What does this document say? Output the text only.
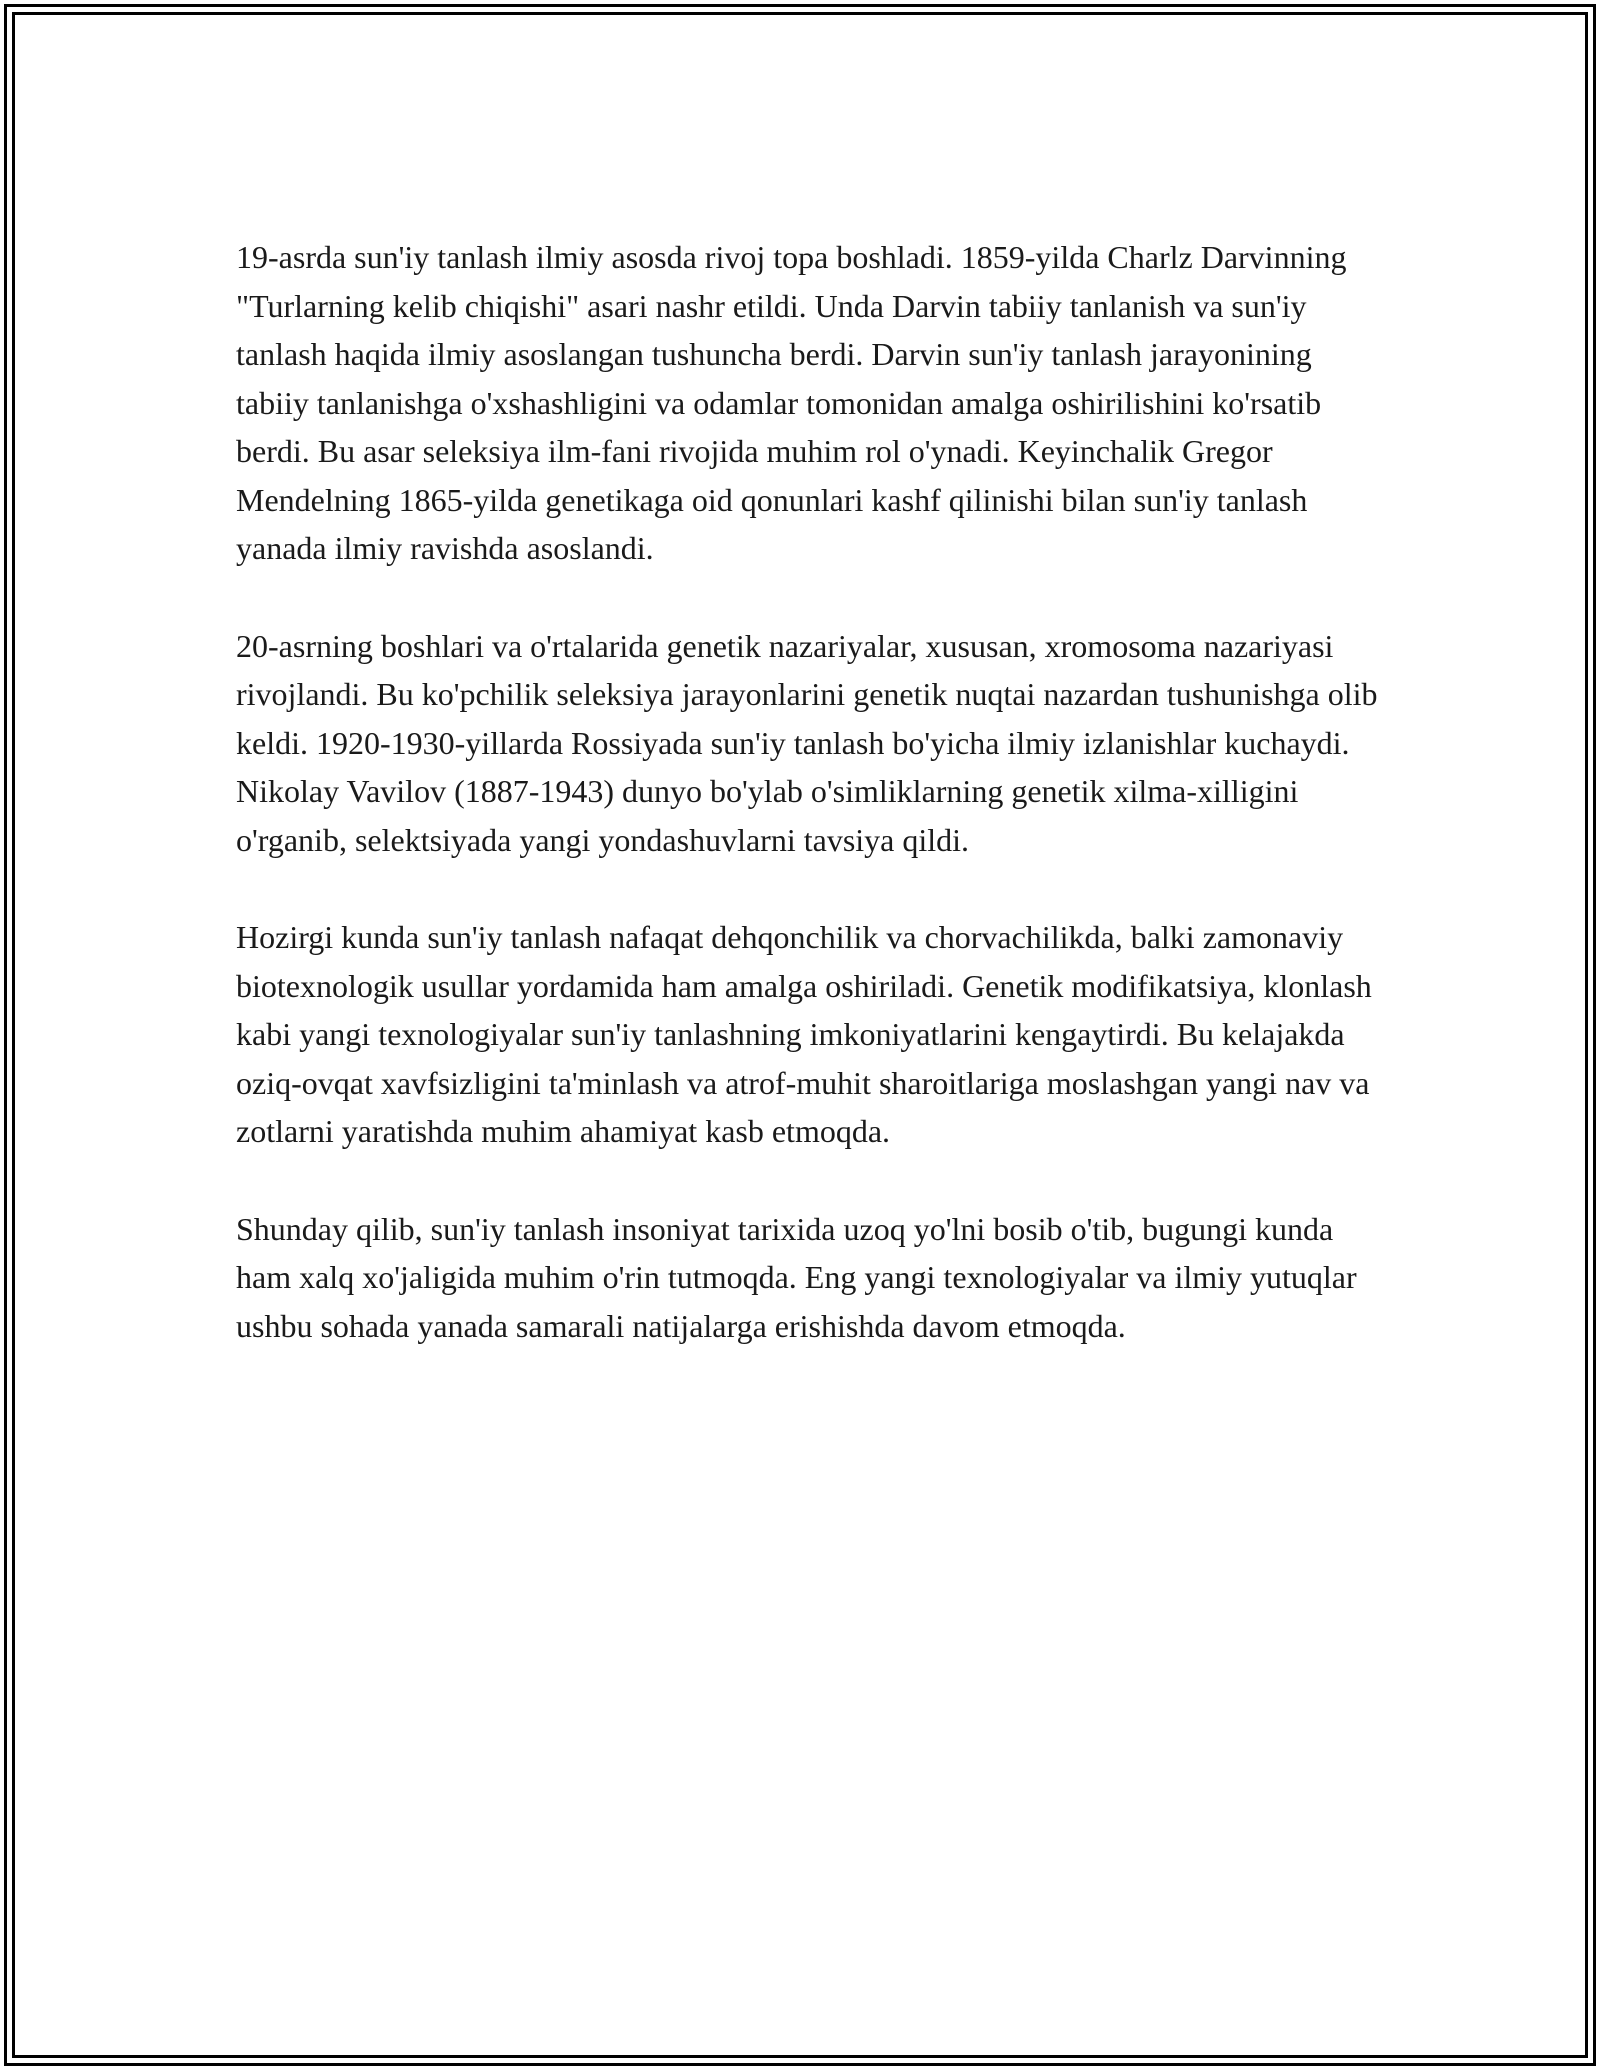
19-asrda sun'iy tanlash ilmiy asosda rivoj topa boshladi. 1859-yilda Charlz Darvinning "Turlarning kelib chiqishi" asari nashr etildi. Unda Darvin tabiiy tanlanish va sun'iy tanlash haqida ilmiy asoslangan tushuncha berdi. Darvin sun'iy tanlash jarayonining tabiiy tanlanishga o'xshashligini va odamlar tomonidan amalga oshirilishini ko'rsatib berdi. Bu asar seleksiya ilm-fani rivojida muhim rol o'ynadi. Keyinchalik Gregor Mendelning 1865-yilda genetikaga oid qonunlari kashf qilinishi bilan sun'iy tanlash yanada ilmiy ravishda asoslandi.

20-asrning boshlari va o'rtalarida genetik nazariyalar, xususan, xromosoma nazariyasi rivojlandi. Bu ko'pchilik seleksiya jarayonlarini genetik nuqtai nazardan tushunishga olib keldi. 1920-1930-yillarda Rossiyada sun'iy tanlash bo'yicha ilmiy izlanishlar kuchaydi. Nikolay Vavilov (1887-1943) dunyo bo'ylab o'simliklarning genetik xilma-xilligini o'rganib, selektsiyada yangi yondashuvlarni tavsiya qildi.

Hozirgi kunda sun'iy tanlash nafaqat dehqonchilik va chorvachilikda, balki zamonaviy biotexnologik usullar yordamida ham amalga oshiriladi. Genetik modifikatsiya, klonlash kabi yangi texnologiyalar sun'iy tanlashning imkoniyatlarini kengaytirdi. Bu kelajakda oziq-ovqat xavfsizligini ta'minlash va atrof-muhit sharoitlariga moslashgan yangi nav va zotlarni yaratishda muhim ahamiyat kasb etmoqda.

Shunday qilib, sun'iy tanlash insoniyat tarixida uzoq yo'lni bosib o'tib, bugungi kunda ham xalq xo'jaligida muhim o'rin tutmoqda. Eng yangi texnologiyalar va ilmiy yutuqlar ushbu sohada yanada samarali natijalarga erishishda davom etmoqda.
